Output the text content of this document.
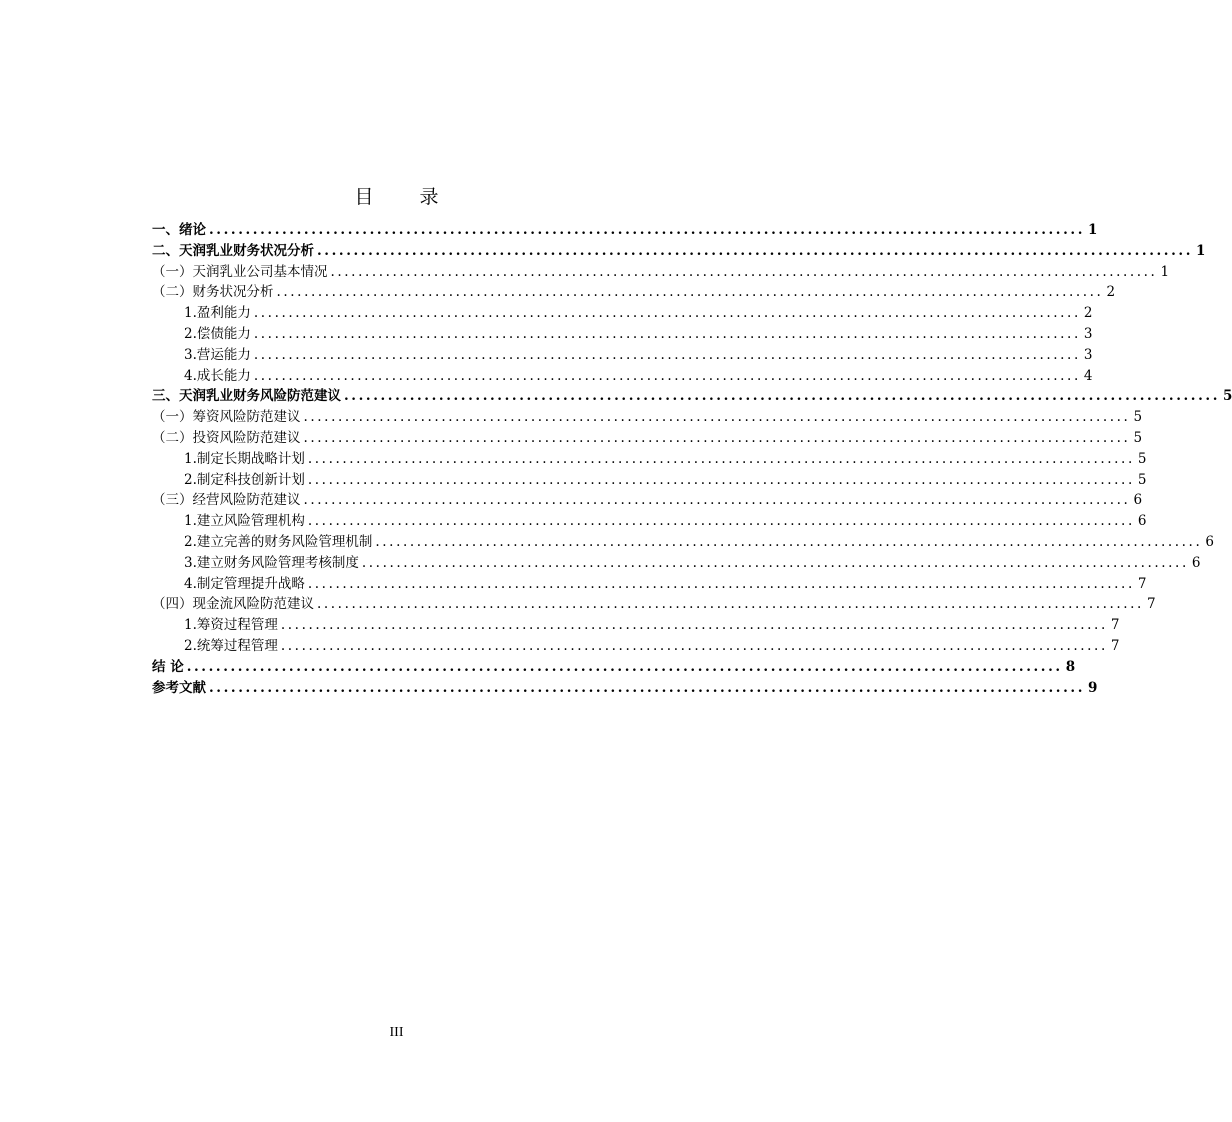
目 录
一、绪论 ........................................................................................................................ 1
二、天润乳业财务状况分析 ........................................................................................................................ 1
（一）天润乳业公司基本情况 ........................................................................................................................ 1
（二）财务状况分析 ........................................................................................................................ 2
1.盈利能力 ........................................................................................................................ 2
2.偿债能力 ........................................................................................................................ 3
3.营运能力 ........................................................................................................................ 3
4.成长能力 ........................................................................................................................ 4
三、天润乳业财务风险防范建议 ........................................................................................................................ 5
（一）筹资风险防范建议 ........................................................................................................................ 5
（二）投资风险防范建议 ........................................................................................................................ 5
1.制定长期战略计划 ........................................................................................................................ 5
2.制定科技创新计划 ........................................................................................................................ 5
（三）经营风险防范建议 ........................................................................................................................ 6
1.建立风险管理机构 ........................................................................................................................ 6
2.建立完善的财务风险管理机制 ........................................................................................................................ 6
3.建立财务风险管理考核制度 ........................................................................................................................ 6
4.制定管理提升战略 ........................................................................................................................ 7
（四）现金流风险防范建议 ........................................................................................................................ 7
1.筹资过程管理 ........................................................................................................................ 7
2.统筹过程管理 ........................................................................................................................ 7
结 论 ........................................................................................................................ 8
参考文献 ........................................................................................................................ 9
III
